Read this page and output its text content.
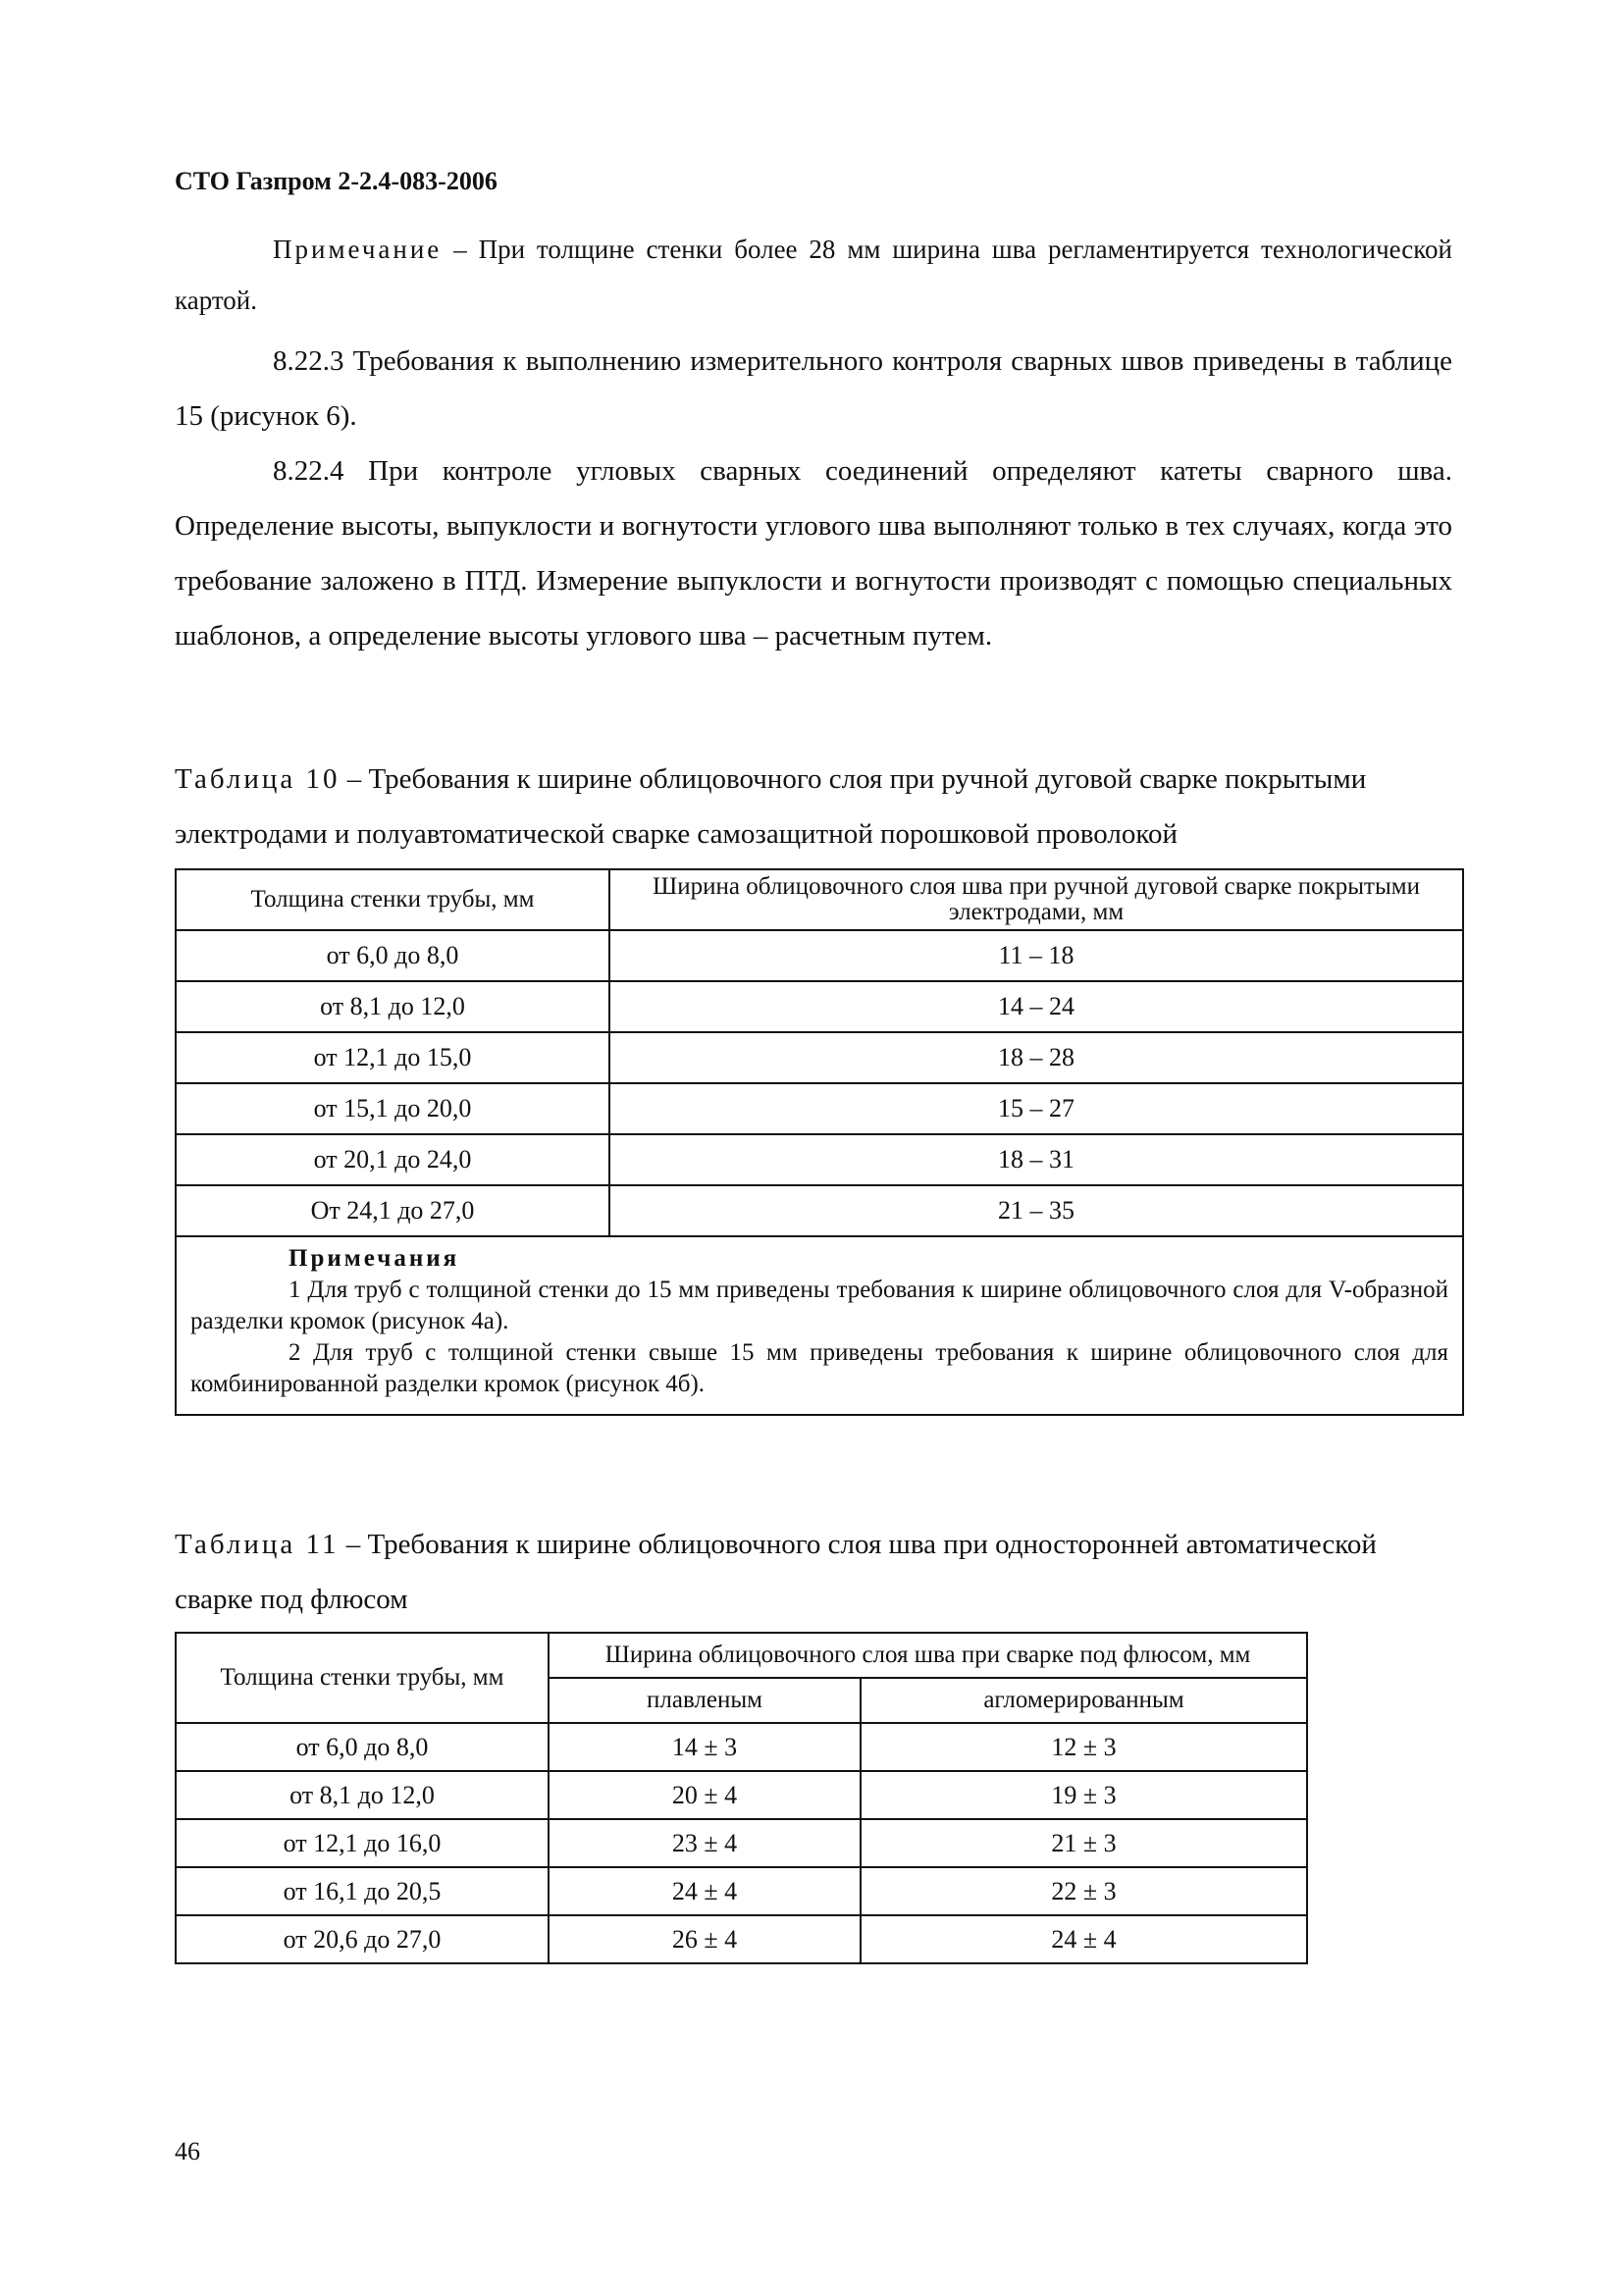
СТО Газпром 2-2.4-083-2006

Примечание – При толщине стенки более 28 мм ширина шва регламентируется технологической картой.

8.22.3 Требования к выполнению измерительного контроля сварных швов приведены в таблице 15 (рисунок 6).

8.22.4 При контроле угловых сварных соединений определяют катеты сварного шва. Определение высоты, выпуклости и вогнутости углового шва выполняют только в тех случаях, когда это требование заложено в ПТД. Измерение выпуклости и вогнутости производят с помощью специальных шаблонов, а определение высоты углового шва – расчетным путем.

Таблица 10 – Требования к ширине облицовочного слоя при ручной дуговой сварке покрытыми электродами и полуавтоматической сварке самозащитной порошковой проволокой

Толщина стенки трубы, мм	Ширина облицовочного слоя шва при ручной дуговой сварке покрытыми электродами, мм
от 6,0 до 8,0	11 – 18
от 8,1 до 12,0	14 – 24
от 12,1 до 15,0	18 – 28
от 15,1 до 20,0	15 – 27
от 20,1 до 24,0	18 – 31
От 24,1 до 27,0	21 – 35

Примечания
1 Для труб с толщиной стенки до 15 мм приведены требования к ширине облицовочного слоя для V-образной разделки кромок (рисунок 4а).
2 Для труб с толщиной стенки свыше 15 мм приведены требования к ширине облицовочного слоя для комбинированной разделки кромок (рисунок 4б).	

Таблица 11 – Требования к ширине облицовочного слоя шва при односторонней автоматической сварке под флюсом

Толщина стенки трубы, мм	Ширина облицовочного слоя шва при сварке под флюсом, мм	
	плавленым	агломерированным
от 6,0 до 8,0	14 ± 3	12 ± 3
от 8,1 до 12,0	20 ± 4	19 ± 3
от 12,1 до 16,0	23 ± 4	21 ± 3
от 16,1 до 20,5	24 ± 4	22 ± 3
от 20,6 до 27,0	26 ± 4	24 ± 4
46
